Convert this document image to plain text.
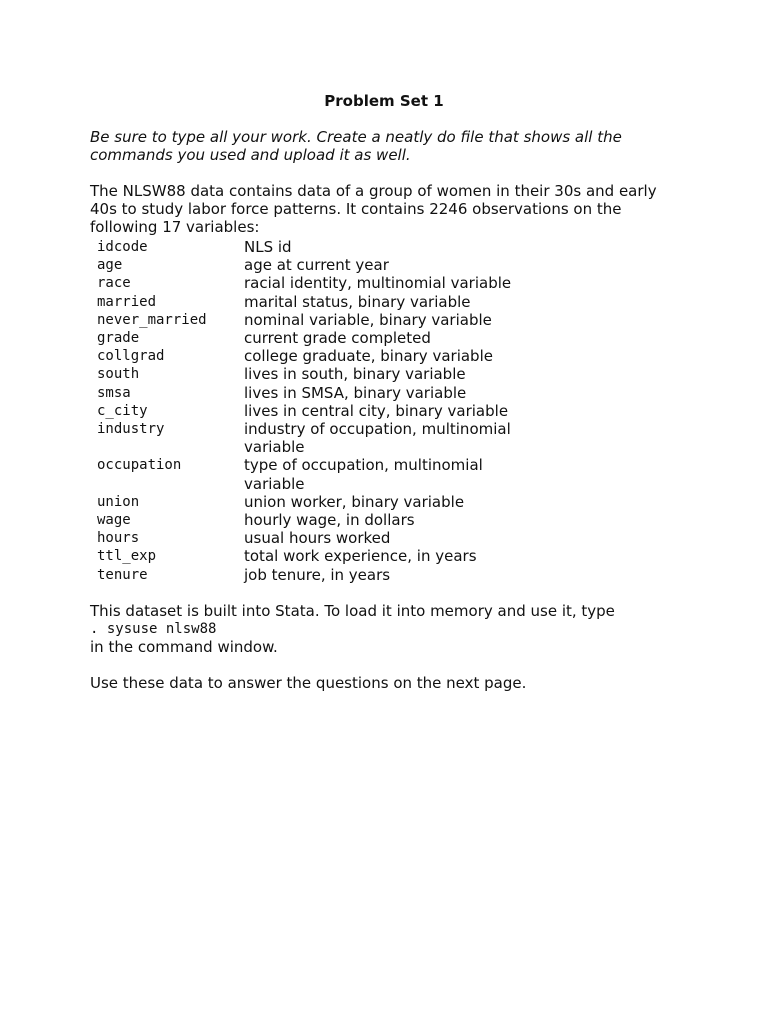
Problem Set 1

Be sure to type all your work. Create a neatly do file that shows all the commands you used and upload it as well.

The NLSW88 data contains data of a group of women in their 30s and early 40s to study labor force patterns. It contains 2246 observations on the following 17 variables:

idcode	NLS id
age	age at current year
race	racial identity, multinomial variable
married	marital status, binary variable
never_married	nominal variable, binary variable
grade	current grade completed
collgrad	college graduate, binary variable
south	lives in south, binary variable
smsa	lives in SMSA, binary variable
c_city	lives in central city, binary variable
industry	industry of occupation, multinomial variable
occupation	type of occupation, multinomial variable
union	union worker, binary variable
wage	hourly wage, in dollars
hours	usual hours worked
ttl_exp	total work experience, in years
tenure	job tenure, in years

This dataset is built into Stata. To load it into memory and use it, type
. sysuse nlsw88
in the command window.

Use these data to answer the questions on the next page.
